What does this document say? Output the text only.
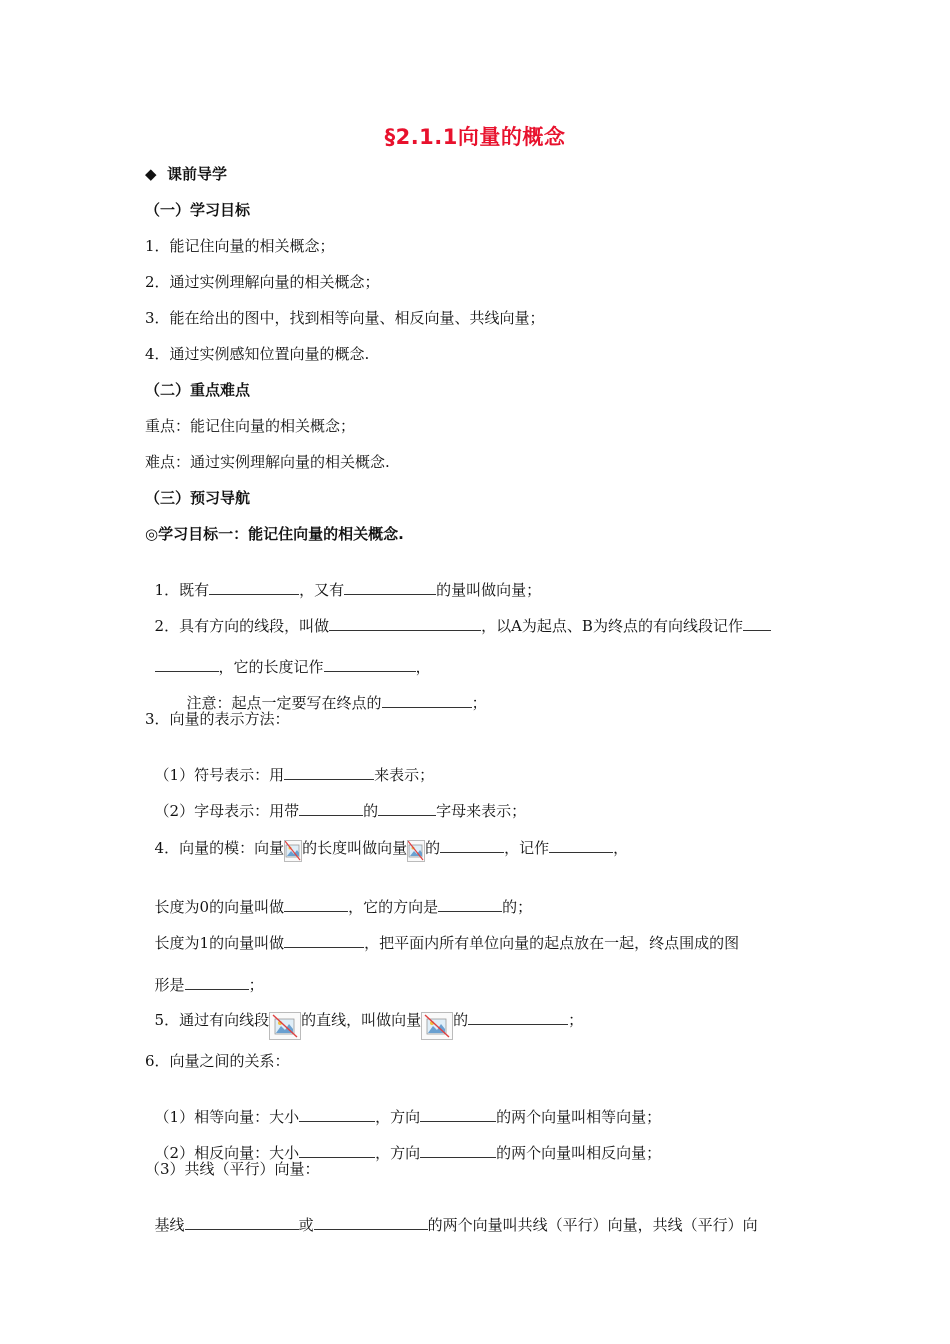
§2.1.1向量的概念
◆  课前导学
（一）学习目标
1．能记住向量的相关概念；
2．通过实例理解向量的相关概念；
3．能在给出的图中，找到相等向量、相反向量、共线向量；
4．通过实例感知位置向量的概念.
（二）重点难点
重点：能记住向量的相关概念；
难点：通过实例理解向量的相关概念.
（三）预习导航
◎学习目标一：能记住向量的相关概念.

1．既有	，又有	的量叫做向量；

2．具有方向的线段，叫做	，以A为起点、B为终点的有向线段记作

，它的长度记作	，

注意：起点一定要写在终点的	；

3．向量的表示方法：

（1）符号表示：用	来表示；

（2）字母表示：用带	的	字母来表示；

4．向量的模：向量 的长度叫做向量 的	，记作	，

长度为0的向量叫做	，它的方向是	的；

长度为1的向量叫做	，把平面内所有单位向量的起点放在一起，终点围成的图

形是	；

5．通过有向线段 的直线，叫做向量 的	；

6．向量之间的关系：

（1）相等向量：大小	，方向	的两个向量叫相等向量；

（2）相反向量：大小	，方向	的两个向量叫相反向量；

（3）共线（平行）向量：

基线	或	的两个向量叫共线（平行）向量，共线（平行）向
